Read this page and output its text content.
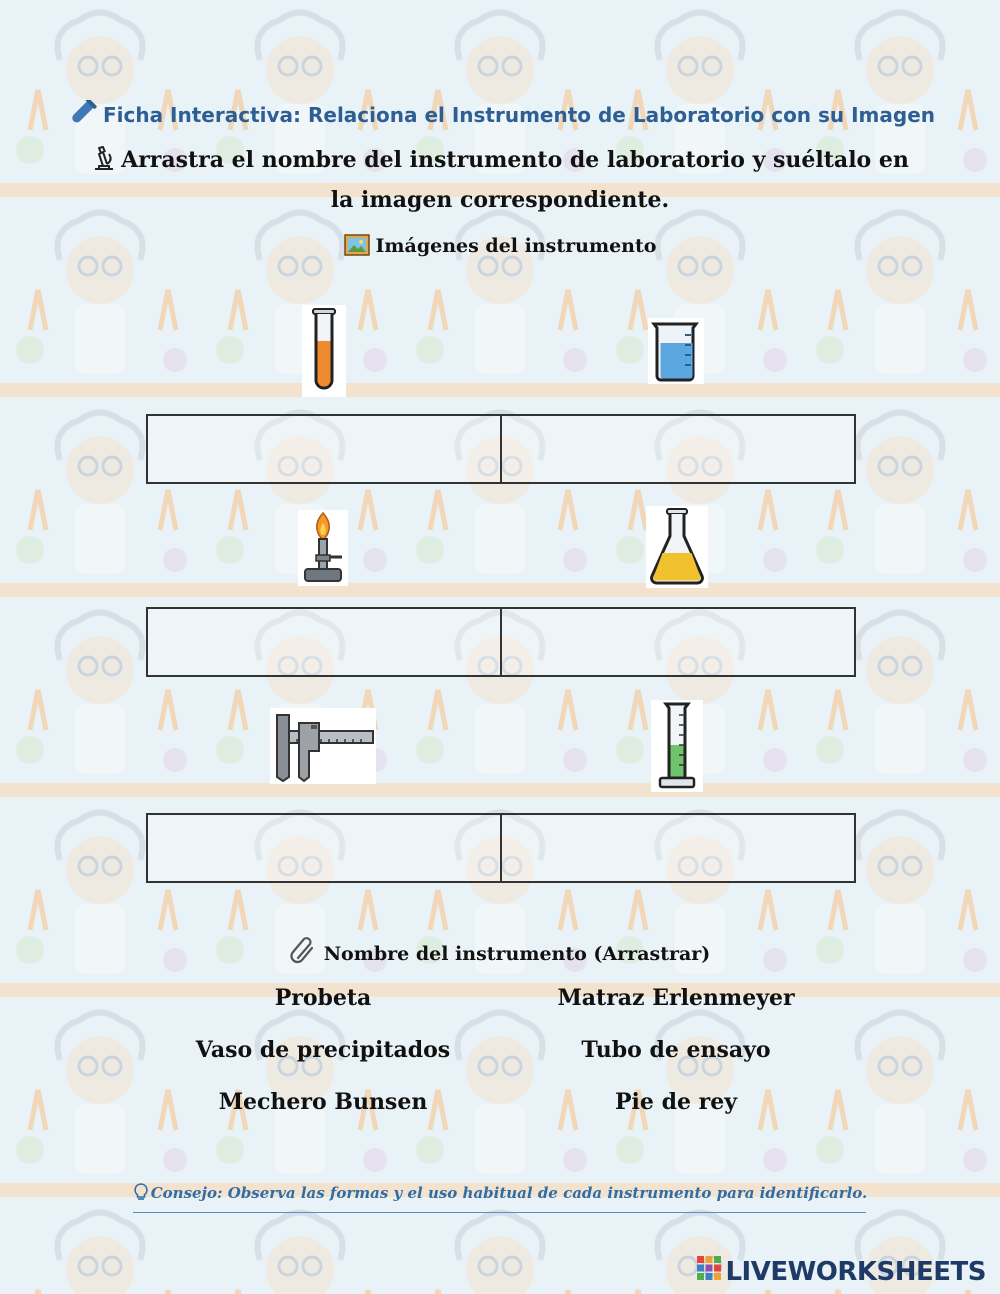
Ficha Interactiva: Relaciona el Instrumento de Laboratorio con su Imagen
Arrastra el nombre del instrumento de laboratorio y suéltalo en la imagen correspondiente.
Imágenes del instrumento
Nombre del instrumento (Arrastrar)
Probeta	Matraz Erlenmeyer
Vaso de precipitados	Tubo de ensayo
Mechero Bunsen	Pie de rey
Consejo: Observa las formas y el uso habitual de cada instrumento para identificarlo.
LIVEWORKSHEETS
